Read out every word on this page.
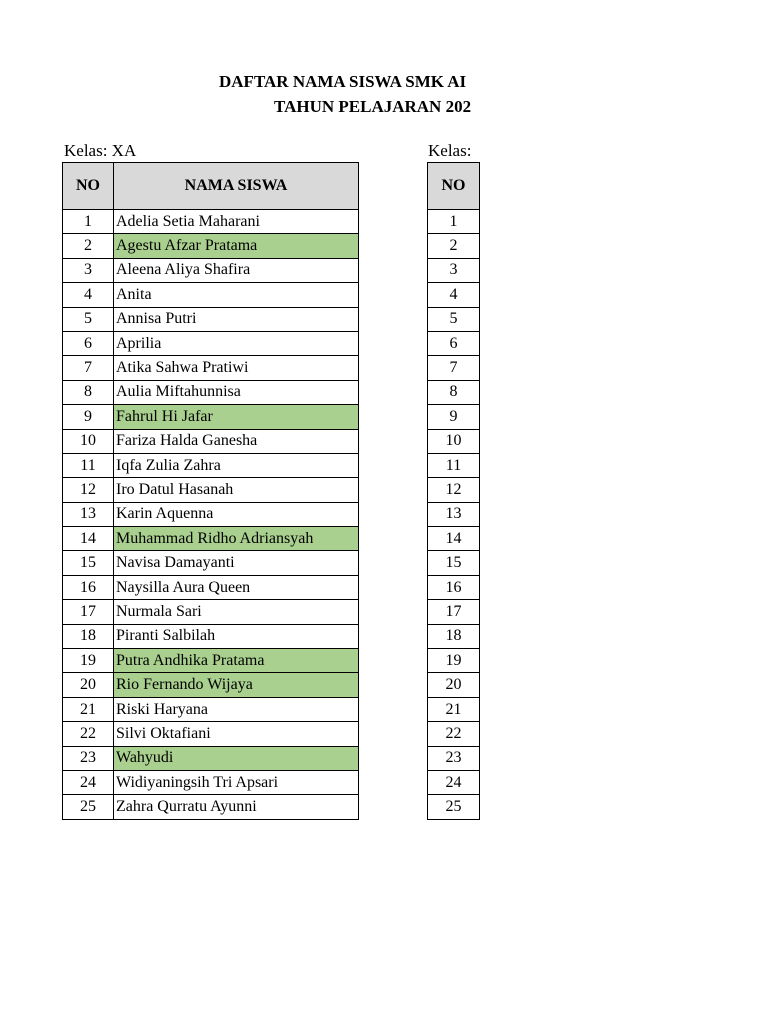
DAFTAR NAMA SISWA SMK AI
TAHUN PELAJARAN 202
Kelas: XA	Kelas:
NO	NAMA SISWA
1	Adelia Setia Maharani
2	Agestu Afzar Pratama
3	Aleena Aliya Shafira
4	Anita
5	Annisa Putri
6	Aprilia
7	Atika Sahwa Pratiwi
8	Aulia Miftahunnisa
9	Fahrul Hi Jafar
10	Fariza Halda Ganesha
11	Iqfa Zulia Zahra
12	Iro Datul Hasanah
13	Karin Aquenna
14	Muhammad Ridho Adriansyah
15	Navisa Damayanti
16	Naysilla Aura Queen
17	Nurmala Sari
18	Piranti Salbilah
19	Putra Andhika Pratama
20	Rio Fernando Wijaya
21	Riski Haryana
22	Silvi Oktafiani
23	Wahyudi
24	Widiyaningsih Tri Apsari
25	Zahra Qurratu Ayunni
NO
1
2
3
4
5
6
7
8
9
10
11
12
13
14
15
16
17
18
19
20
21
22
23
24
25
